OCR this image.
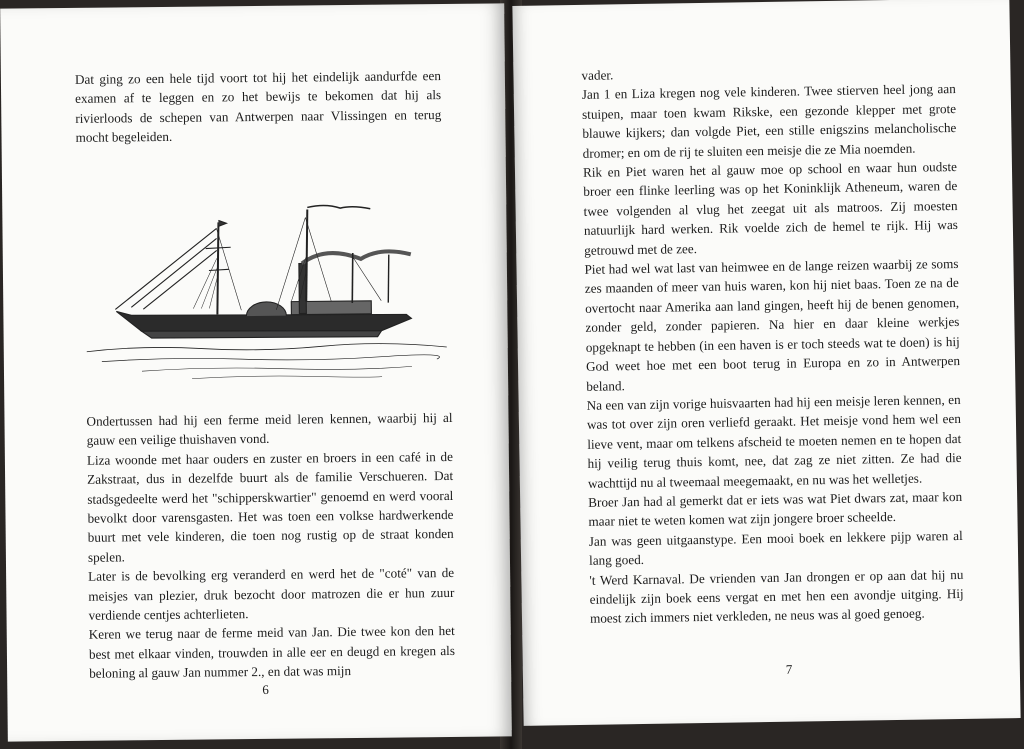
Dat ging zo een hele tijd voort tot hij het eindelijk aandurfde een examen af te leggen en zo het bewijs te bekomen dat hij als rivierloods de schepen van Antwerpen naar Vlissingen en terug mocht begeleiden.

Ondertussen had hij een ferme meid leren kennen, waarbij hij al gauw een veilige thuishaven vond.

Liza woonde met haar ouders en zuster en broers in een café in de Zakstraat, dus in dezelfde buurt als de familie Verschueren. Dat stadsgedeelte werd het "schipperskwartier" genoemd en werd vooral bevolkt door varensgasten. Het was toen een volkse hardwerkende buurt met vele kinderen, die toen nog rustig op de straat konden spelen.

Later is de bevolking erg veranderd en werd het de "coté" van de meisjes van plezier, druk bezocht door matrozen die er hun zuur verdiende centjes achterlieten.

Keren we terug naar de ferme meid van Jan. Die twee kon den het best met elkaar vinden, trouwden in alle eer en deugd en kregen als beloning al gauw Jan nummer 2., en dat was mijn

6

vader.

Jan 1 en Liza kregen nog vele kinderen. Twee stierven heel jong aan stuipen, maar toen kwam Rikske, een gezonde klepper met grote blauwe kijkers; dan volgde Piet, een stille enigszins melancholische dromer; en om de rij te sluiten een meisje die ze Mia noemden.

Rik en Piet waren het al gauw moe op school en waar hun oudste broer een flinke leerling was op het Koninklijk Atheneum, waren de twee volgenden al vlug het zeegat uit als matroos. Zij moesten natuurlijk hard werken. Rik voelde zich de hemel te rijk. Hij was getrouwd met de zee.

Piet had wel wat last van heimwee en de lange reizen waarbij ze soms zes maanden of meer van huis waren, kon hij niet baas. Toen ze na de overtocht naar Amerika aan land gingen, heeft hij de benen genomen, zonder geld, zonder papieren. Na hier en daar kleine werkjes opgeknapt te hebben (in een haven is er toch steeds wat te doen) is hij God weet hoe met een boot terug in Europa en zo in Antwerpen beland.

Na een van zijn vorige huisvaarten had hij een meisje leren kennen, en was tot over zijn oren verliefd geraakt. Het meisje vond hem wel een lieve vent, maar om telkens afscheid te moeten nemen en te hopen dat hij veilig terug thuis komt, nee, dat zag ze niet zitten. Ze had die wachttijd nu al tweemaal meegemaakt, en nu was het welletjes.

Broer Jan had al gemerkt dat er iets was wat Piet dwars zat, maar kon maar niet te weten komen wat zijn jongere broer scheelde.

Jan was geen uitgaanstype. Een mooi boek en lekkere pijp waren al lang goed.

't Werd Karnaval. De vrienden van Jan drongen er op aan dat hij nu eindelijk zijn boek eens vergat en met hen een avondje uitging. Hij moest zich immers niet verkleden, ne neus was al goed genoeg.

7
